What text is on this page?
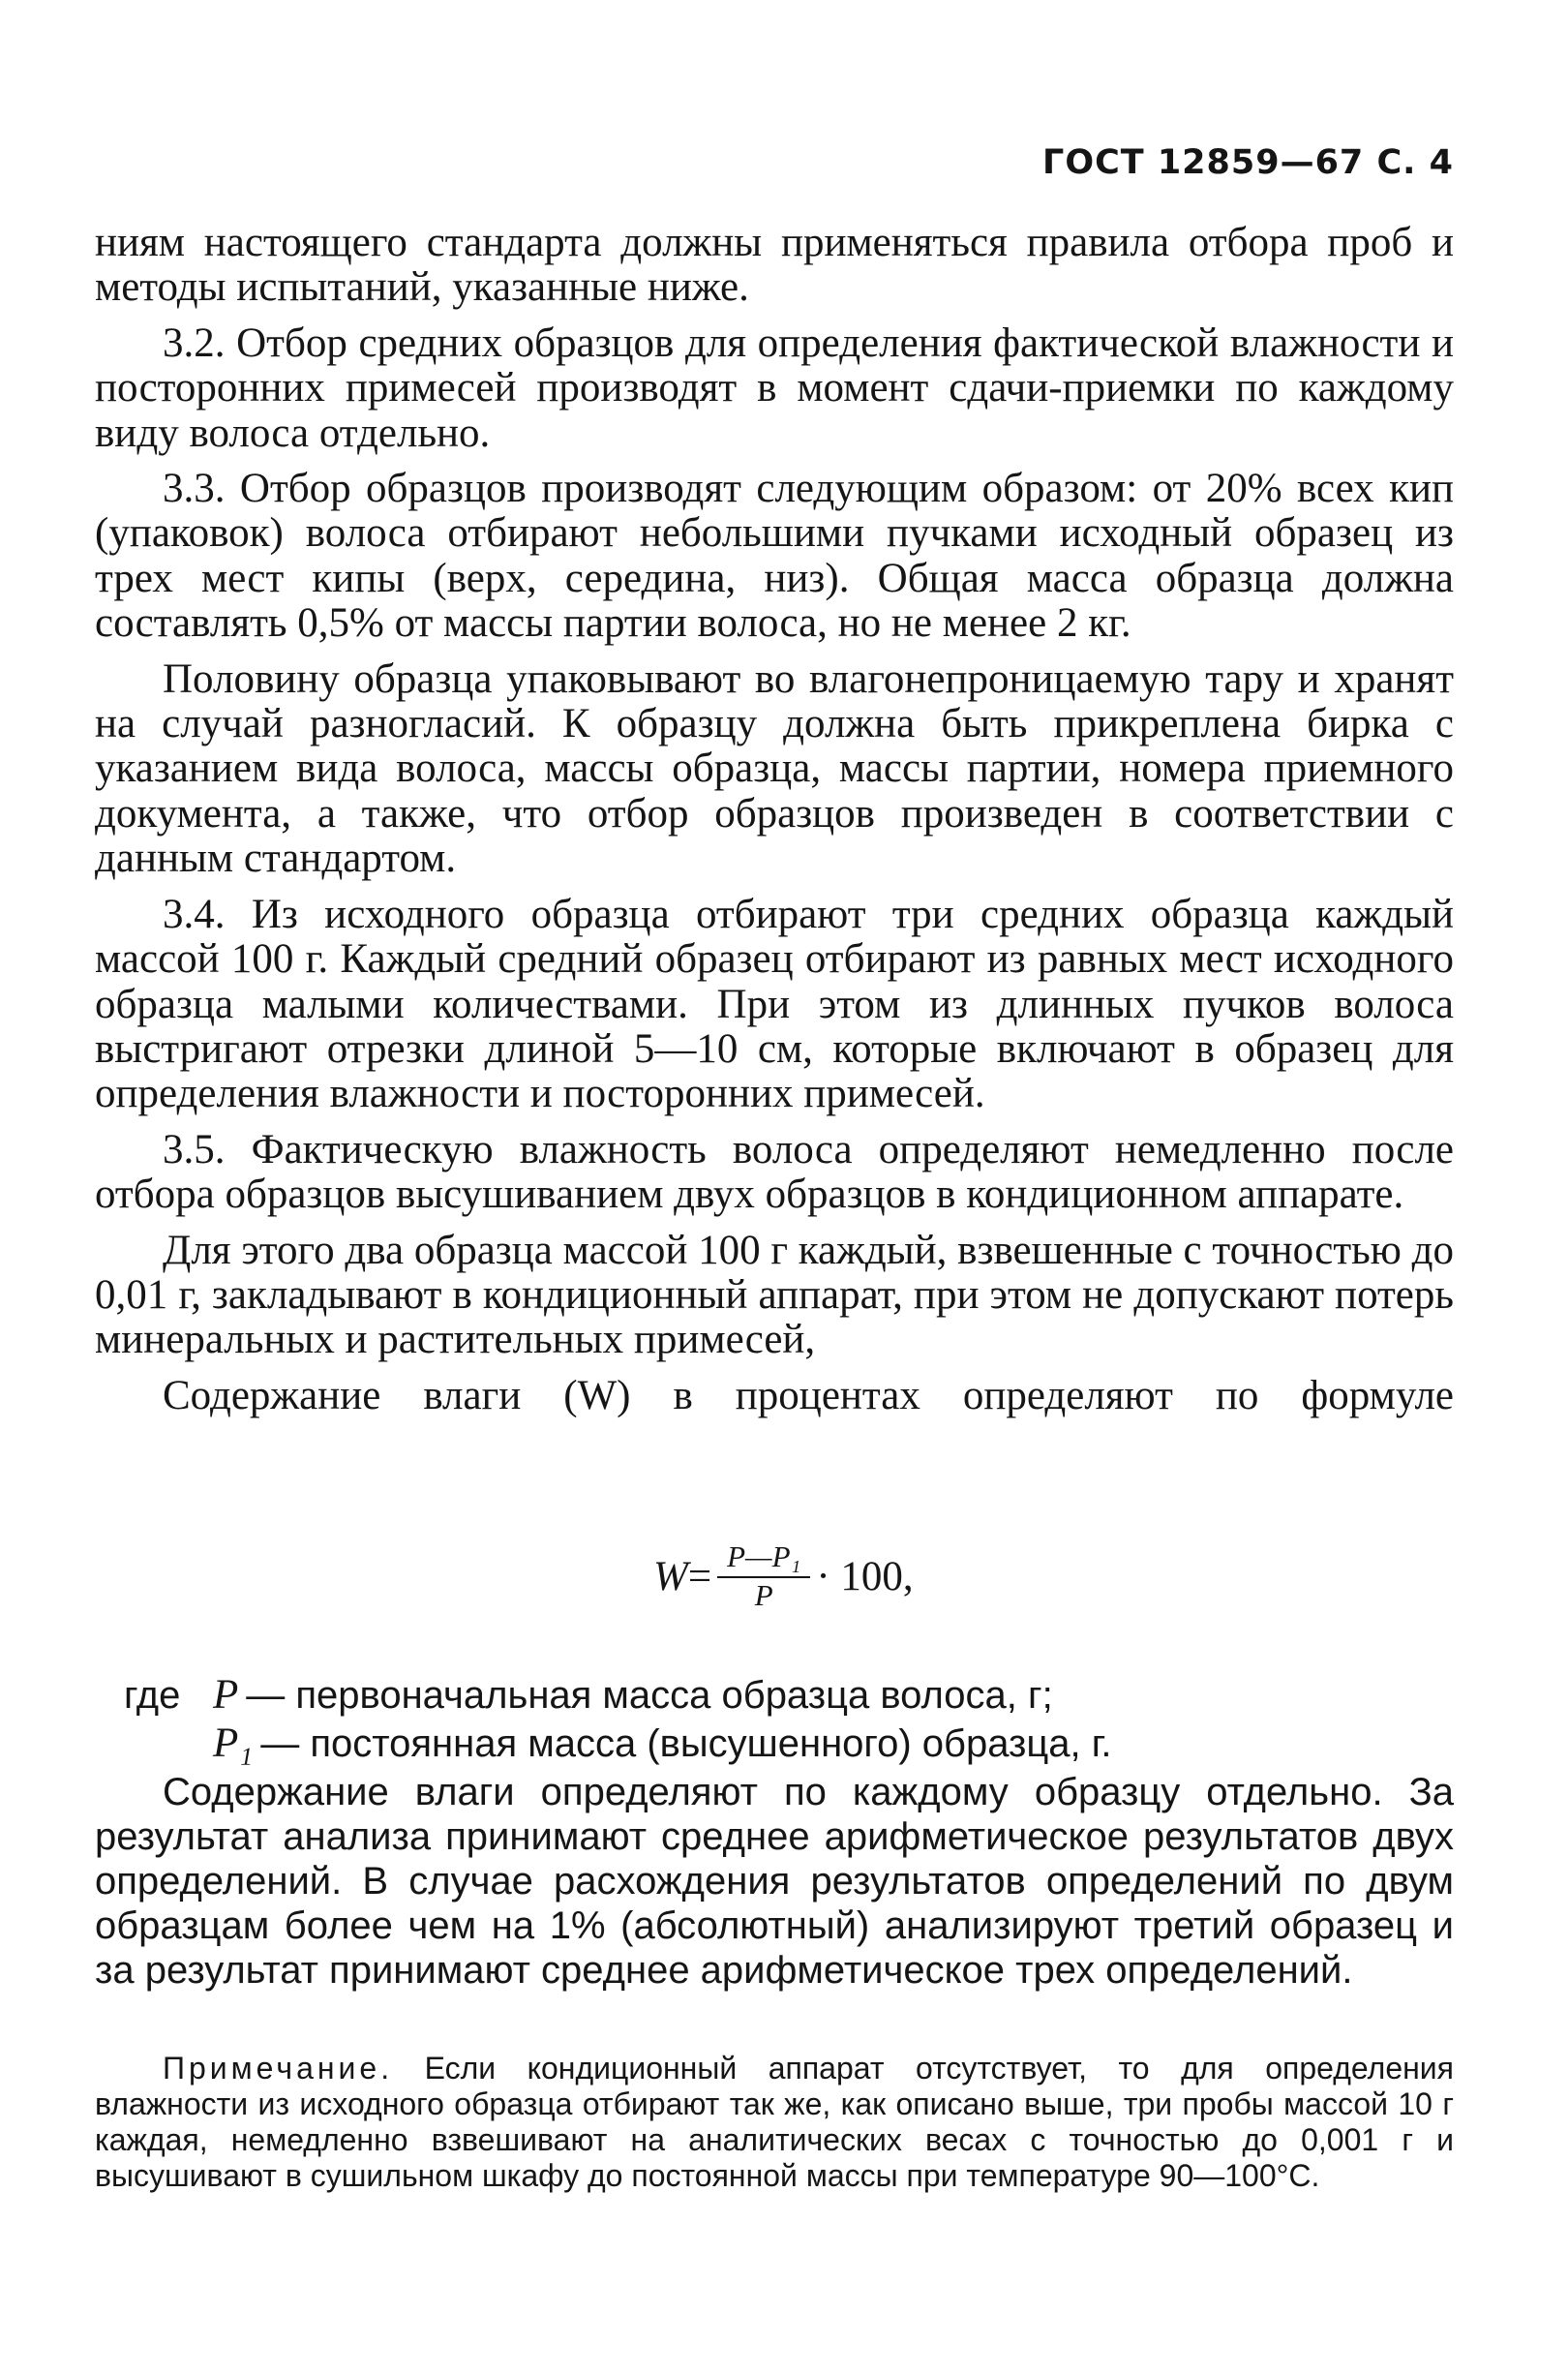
ГОСТ 12859—67 С. 4

ниям настоящего стандарта должны применяться правила отбора проб и методы испытаний, указанные ниже.

3.2. Отбор средних образцов для определения фактической влажности и посторонних примесей производят в момент сдачи-приемки по каждому виду волоса отдельно.

3.3. Отбор образцов производят следующим образом: от 20% всех кип (упаковок) волоса отбирают небольшими пучками исходный образец из трех мест кипы (верх, середина, низ). Общая масса образца должна составлять 0,5% от массы партии волоса, но не менее 2 кг.

Половину образца упаковывают во влагонепроницаемую тару и хранят на случай разногласий. К образцу должна быть прикреплена бирка с указанием вида волоса, массы образца, массы партии, номера приемного документа, а также, что отбор образцов произведен в соответствии с данным стандартом.

3.4. Из исходного образца отбирают три средних образца каждый массой 100 г. Каждый средний образец отбирают из равных мест исходного образца малыми количествами. При этом из длинных пучков волоса выстригают отрезки длиной 5—10 см, которые включают в образец для определения влажности и посторонних примесей.

3.5. Фактическую влажность волоса определяют немедленно после отбора образцов высушиванием двух образцов в кондиционном аппарате.

Для этого два образца массой 100 г каждый, взвешенные с точностью до 0,01 г, закладывают в кондиционный аппарат, при этом не допускают потерь минеральных и растительных примесей,

Содержание влаги (W) в процентах определяют по формуле

$W = \frac{\text{P—P₁}}{P} \cdot 100$,
где P — первоначальная масса образца волоса, г;
P₁ — постоянная масса (высушенного) образца, г.

Содержание влаги определяют по каждому образцу отдельно. За результат анализа принимают среднее арифметическое результатов двух определений. В случае расхождения результатов определений по двум образцам более чем на 1% (абсолютный) анализируют третий образец и за результат принимают среднее арифметическое трех определений.

Примечание. Если кондиционный аппарат отсутствует, то для определения влажности из исходного образца отбирают так же, как описано выше, три пробы массой 10 г каждая, немедленно взвешивают на аналитических весах с точностью до 0,001 г и высушивают в сушильном шкафу до постоянной массы при температуре 90—100°С.
